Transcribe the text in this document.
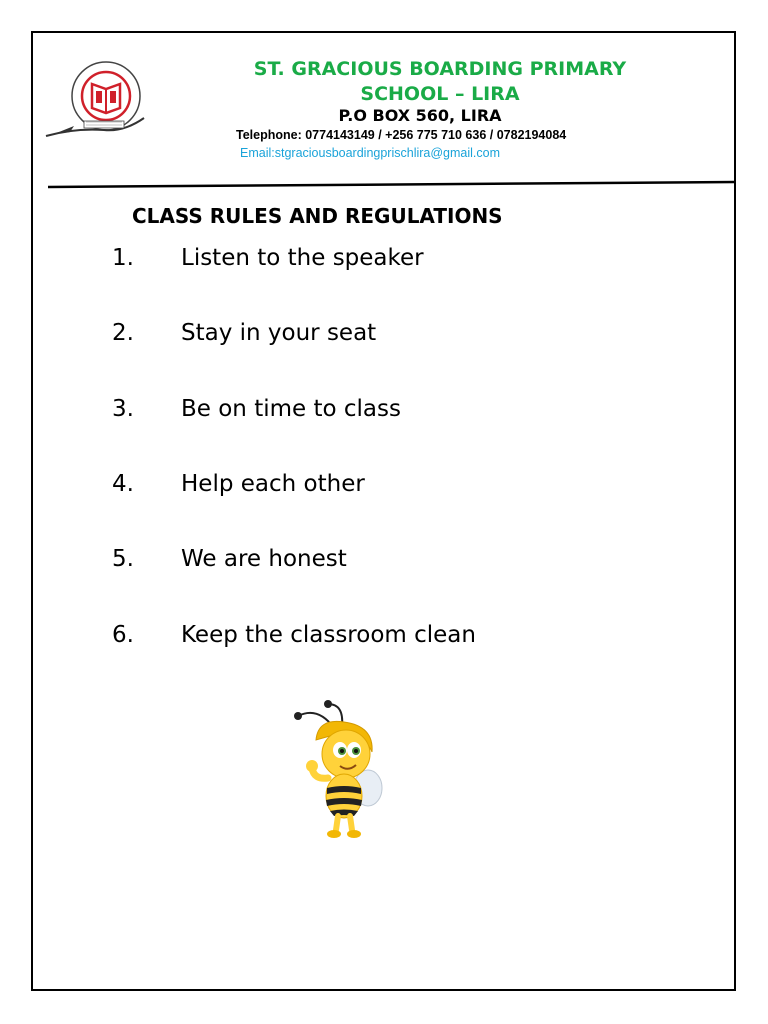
ST. GRACIOUS BOARDING PRIMARY
SCHOOL – LIRA
P.O BOX 560, LIRA
Telephone: 0774143149 / +256 775 710 636 / 0782194084
Email:stgraciousboardingprischlira@gmail.com
CLASS RULES AND REGULATIONS
1. Listen to the speaker
2. Stay in your seat
3. Be on time to class
4. Help each other
5. We are honest
6. Keep the classroom clean
